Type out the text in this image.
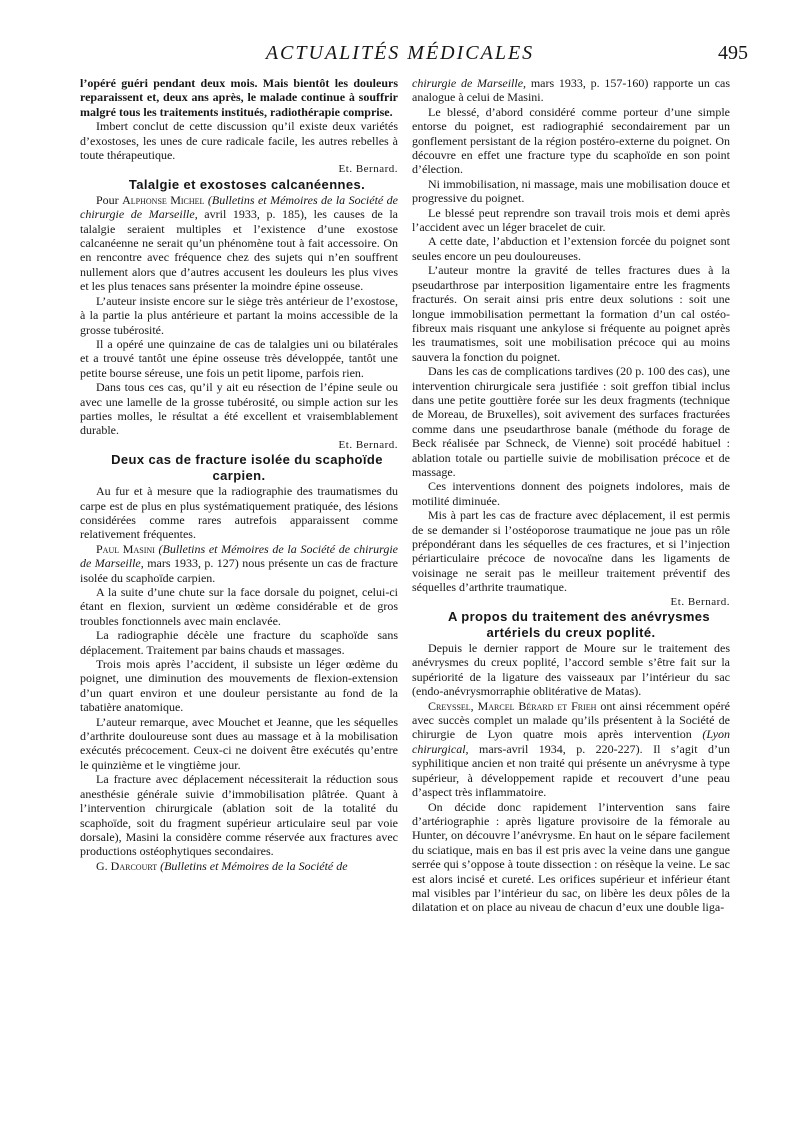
ACTUALITÉS MÉDICALES	495

l’opéré guéri pendant deux mois. Mais bientôt les douleurs reparaissent et, deux ans après, le malade continue à souffrir malgré tous les traitements institués, radiothérapie comprise.

Imbert conclut de cette discussion qu’il existe deux variétés d’exostoses, les unes de cure radicale facile, les autres rebelles à toute thérapeutique.

Et. Bernard.

Talalgie et exostoses calcanéennes.

Pour Alphonse Michel (Bulletins et Mémoires de la Société de chirurgie de Marseille, avril 1933, p. 185), les causes de la talalgie seraient multiples et l’existence d’une exostose calcanéenne ne serait qu’un phénomène tout à fait accessoire. On en rencontre avec fréquence chez des sujets qui n’en souffrent nullement alors que d’autres accusent les douleurs les plus vives et les plus tenaces sans présenter la moindre épine osseuse.

L’auteur insiste encore sur le siège très antérieur de l’exostose, à la partie la plus antérieure et partant la moins accessible de la grosse tubérosité.

Il a opéré une quinzaine de cas de talalgies uni ou bilatérales et a trouvé tantôt une épine osseuse très développée, tantôt une petite bourse séreuse, une fois un petit lipome, parfois rien.

Dans tous ces cas, qu’il y ait eu résection de l’épine seule ou avec une lamelle de la grosse tubérosité, ou simple action sur les parties molles, le résultat a été excellent et vraisemblablement durable.

Et. Bernard.

Deux cas de fracture isolée du scaphoïde
carpien.

Au fur et à mesure que la radiographie des traumatismes du carpe est de plus en plus systématiquement pratiquée, des lésions considérées comme rares autrefois apparaissent comme relativement fréquentes.

Paul Masini (Bulletins et Mémoires de la Société de chirurgie de Marseille, mars 1933, p. 127) nous présente un cas de fracture isolée du scaphoïde carpien.

A la suite d’une chute sur la face dorsale du poignet, celui-ci étant en flexion, survient un œdème considérable et de gros troubles fonctionnels avec main enclavée.

La radiographie décèle une fracture du scaphoïde sans déplacement. Traitement par bains chauds et massages.

Trois mois après l’accident, il subsiste un léger œdème du poignet, une diminution des mouvements de flexion-extension d’un quart environ et une douleur persistante au fond de la tabatière anatomique.

L’auteur remarque, avec Mouchet et Jeanne, que les séquelles d’arthrite douloureuse sont dues au massage et à la mobilisation exécutés précocement. Ceux-ci ne doivent être exécutés qu’entre le quinzième et le vingtième jour.

La fracture avec déplacement nécessiterait la réduction sous anesthésie générale suivie d’immobilisation plâtrée. Quant à l’intervention chirurgicale (ablation soit de la totalité du scaphoïde, soit du fragment supérieur articulaire seul par voie dorsale), Masini la considère comme réservée aux fractures avec productions ostéophytiques secondaires.

G. Darcourt (Bulletins et Mémoires de la Société de

chirurgie de Marseille, mars 1933, p. 157-160) rapporte un cas analogue à celui de Masini.

Le blessé, d’abord considéré comme porteur d’une simple entorse du poignet, est radiographié secondairement par un gonflement persistant de la région postéro-externe du poignet. On découvre en effet une fracture type du scaphoïde en son point d’élection.

Ni immobilisation, ni massage, mais une mobilisation douce et progressive du poignet.

Le blessé peut reprendre son travail trois mois et demi après l’accident avec un léger bracelet de cuir.

A cette date, l’abduction et l’extension forcée du poignet sont seules encore un peu douloureuses.

L’auteur montre la gravité de telles fractures dues à la pseudarthrose par interposition ligamentaire entre les fragments fracturés. On serait ainsi pris entre deux solutions : soit une longue immobilisation permettant la formation d’un cal ostéo-fibreux mais risquant une ankylose si fréquente au poignet après les traumatismes, soit une mobilisation précoce qui au moins sauvera la fonction du poignet.

Dans les cas de complications tardives (20 p. 100 des cas), une intervention chirurgicale sera justifiée : soit greffon tibial inclus dans une petite gouttière forée sur les deux fragments (technique de Moreau, de Bruxelles), soit avivement des surfaces fracturées comme dans une pseudarthrose banale (méthode du forage de Beck réalisée par Schneck, de Vienne) soit procédé habituel : ablation totale ou partielle suivie de mobilisation précoce et de massage.

Ces interventions donnent des poignets indolores, mais de motilité diminuée.

Mis à part les cas de fracture avec déplacement, il est permis de se demander si l’ostéoporose traumatique ne joue pas un rôle prépondérant dans les séquelles de ces fractures, et si l’injection périarticulaire précoce de novocaïne dans les ligaments de voisinage ne serait pas le meilleur traitement préventif des séquelles d’arthrite traumatique.

Et. Bernard.

A propos du traitement des anévrysmes
artériels du creux poplité.

Depuis le dernier rapport de Moure sur le traitement des anévrysmes du creux poplité, l’accord semble s’être fait sur la supériorité de la ligature des vaisseaux par l’intérieur du sac (endo-anévrysmorraphie oblitérative de Matas).

Creyssel, Marcel Bérard et Frieh ont ainsi récemment opéré avec succès complet un malade qu’ils présentent à la Société de chirurgie de Lyon quatre mois après intervention (Lyon chirurgical, mars-avril 1934, p. 220-227). Il s’agit d’un syphilitique ancien et non traité qui présente un anévrysme à type supérieur, à développement rapide et recouvert d’une peau d’aspect très inflammatoire.

On décide donc rapidement l’intervention sans faire d’artériographie : après ligature provisoire de la fémorale au Hunter, on découvre l’anévrysme. En haut on le sépare facilement du sciatique, mais en bas il est pris avec la veine dans une gangue serrée qui s’oppose à toute dissection : on résèque la veine. Le sac est alors incisé et cureté. Les orifices supérieur et inférieur étant mal visibles par l’intérieur du sac, on libère les deux pôles de la dilatation et on place au niveau de chacun d’eux une double liga-
